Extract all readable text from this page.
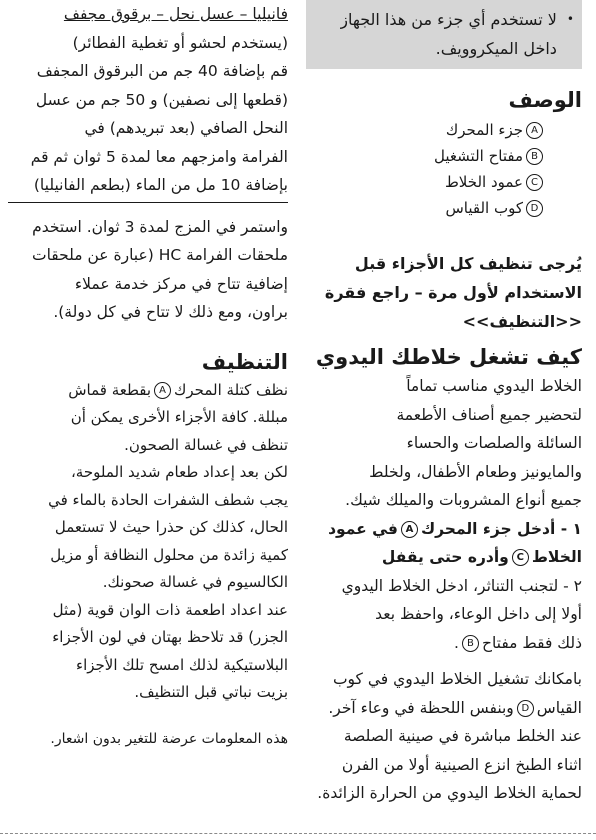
•
لا تستخدم أي جزء من هذا الجهاز
داخل الميكروويف.
الوصف
A
جزء المحرك
B
مفتاح التشغيل
C
عمود الخلاط
D
كوب القياس
يُرجى تنظيف كل الأجزاء قبل
الاستخدام لأول مرة – راجع فقرة
<<التنظيف>>
كيف تشغل خلاطك اليدوي
الخلاط اليدوي مناسب تماماً
لتحضير جميع أصناف الأطعمة
السائلة والصلصات والحساء
والمايونيز وطعام الأطفال، ولخلط
جميع أنواع المشروبات والميلك شيك.
١ - أدخل جزء المحركAفي عمود
الخلاطCوأدره حتى يقفل
٢ - لتجنب التناثر، ادخل الخلاط اليدوي
أولا إلى داخل الوعاء، واحفظ بعد
ذلك فقط مفتاحB.
بامكانك تشغيل الخلاط اليدوي في كوب
القياسDوبنفس اللحظة في وعاء آخر.
عند الخلط مباشرة في صينية الصلصة
اثناء الطبخ انزع الصينية أولا من الفرن
لحماية الخلاط اليدوي من الحرارة الزائدة.
فانيليا – عسل نحل – برقوق مجفف
(يستخدم لحشو أو تغطية الفطائر)
قم بإضافة 40 جم من البرقوق المجفف
(قطعها إلى نصفين) و 50 جم من عسل
النحل الصافي (بعد تبريدهم) في
الفرامة وامزجهم معا لمدة 5 ثوان ثم قم
بإضافة 10 مل من الماء (بطعم الفانيليا)
واستمر في المزج لمدة 3 ثوان. استخدم
ملحقات الفرامة HC (عبارة عن ملحقات
إضافية تتاح في مركز خدمة عملاء
براون، ومع ذلك لا تتاح في كل دولة).
التنظيف
نظف كتلة المحركAبقطعة قماش
مبللة. كافة الأجزاء الأخرى يمكن أن
تنظف في غسالة الصحون.
لكن بعد إعداد طعام شديد الملوحة،
يجب شطف الشفرات الحادة بالماء في
الحال، كذلك كن حذرا حيث لا تستعمل
كمية زائدة من محلول النظافة أو مزيل
الكالسيوم في غسالة صحونك.
عند اعداد اطعمة ذات الوان قوية (مثل
الجزر) قد تلاحظ بهتان في لون الأجزاء
البلاستيكية لذلك امسح تلك الأجزاء
بزيت نباتي قبل التنظيف.
هذه المعلومات عرضة للتغير بدون اشعار.
